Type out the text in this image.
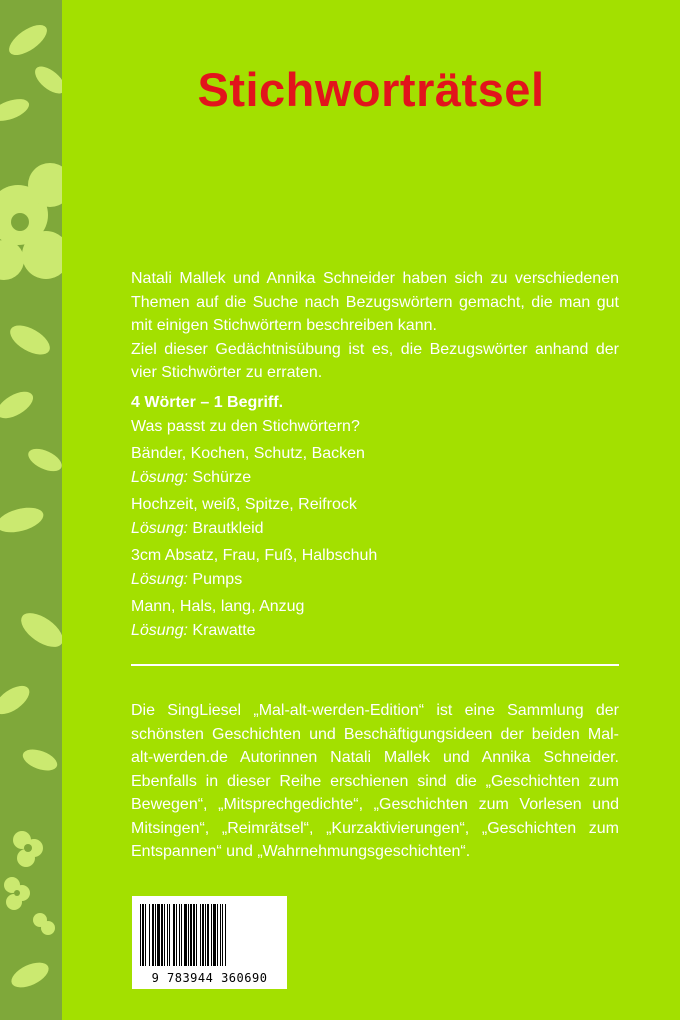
Stichworträtsel

Natali Mallek und Annika Schneider haben sich zu verschiedenen Themen auf die Suche nach Bezugswörtern gemacht, die man gut mit einigen Stichwörtern beschreiben kann.

Ziel dieser Gedächtnisübung ist es, die Bezugswörter anhand der vier Stichwörter zu erraten.

4 Wörter – 1 Begriff.

Was passt zu den Stichwörtern?

Bänder, Kochen, Schutz, Backen

Lösung: Schürze

Hochzeit, weiß, Spitze, Reifrock

Lösung: Brautkleid

3cm Absatz, Frau, Fuß, Halbschuh

Lösung: Pumps

Mann, Hals, lang, Anzug

Lösung: Krawatte

Die SingLiesel „Mal-alt-werden-Edition“ ist eine Sammlung der schönsten Geschichten und Beschäftigungsideen der beiden Mal-alt-werden.de Autorinnen Natali Mallek und Annika Schneider. Ebenfalls in dieser Reihe erschienen sind die „Geschichten zum Bewegen“, „Mitsprechgedichte“, „Geschichten zum Vorlesen und Mitsingen“, „Reimrätsel“, „Kurzaktivierungen“, „Geschichten zum Entspannen“ und „Wahrnehmungsgeschichten“.

9 783944 360690
